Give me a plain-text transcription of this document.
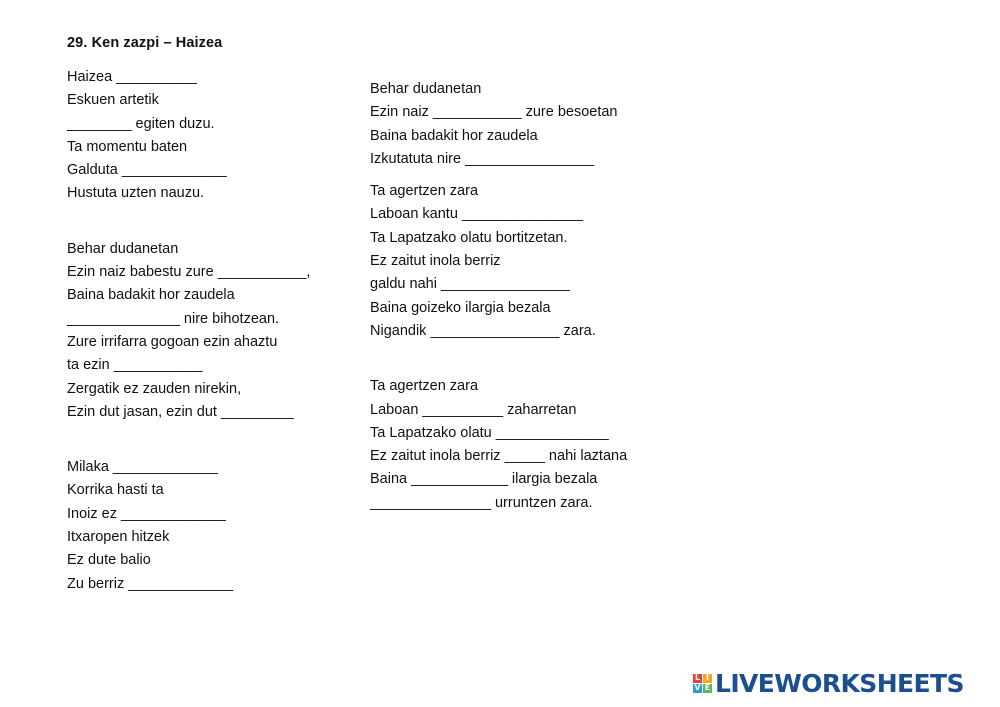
29. Ken zazpi – Haizea
Haizea __________
Eskuen artetik
________ egiten duzu.
Ta momentu baten
Galduta _____________
Hustuta uzten nauzu.
Behar dudanetan
Ezin naiz babestu zure ___________,
Baina badakit hor zaudela
______________ nire bihotzean.
Zure irrifarra gogoan ezin ahaztu
ta ezin ___________
Zergatik ez zauden nirekin,
Ezin dut jasan, ezin dut _________
Milaka _____________
Korrika hasti ta
Inoiz ez _____________
Itxaropen hitzek
Ez dute balio
Zu berriz _____________
Behar dudanetan
Ezin naiz ___________ zure besoetan
Baina badakit hor zaudela
Izkutatuta nire ________________
Ta agertzen zara
Laboan kantu _______________
Ta Lapatzako olatu bortitzetan.
Ez zaitut inola berriz
galdu nahi ________________
Baina goizeko ilargia bezala
Nigandik ________________ zara.
Ta agertzen zara
Laboan __________ zaharretan
Ta Lapatzako olatu ______________
Ez zaitut inola berriz _____ nahi laztana
Baina ____________ ilargia bezala
_______________ urruntzen zara.
L I
V E LIVEWORKSHEETS
